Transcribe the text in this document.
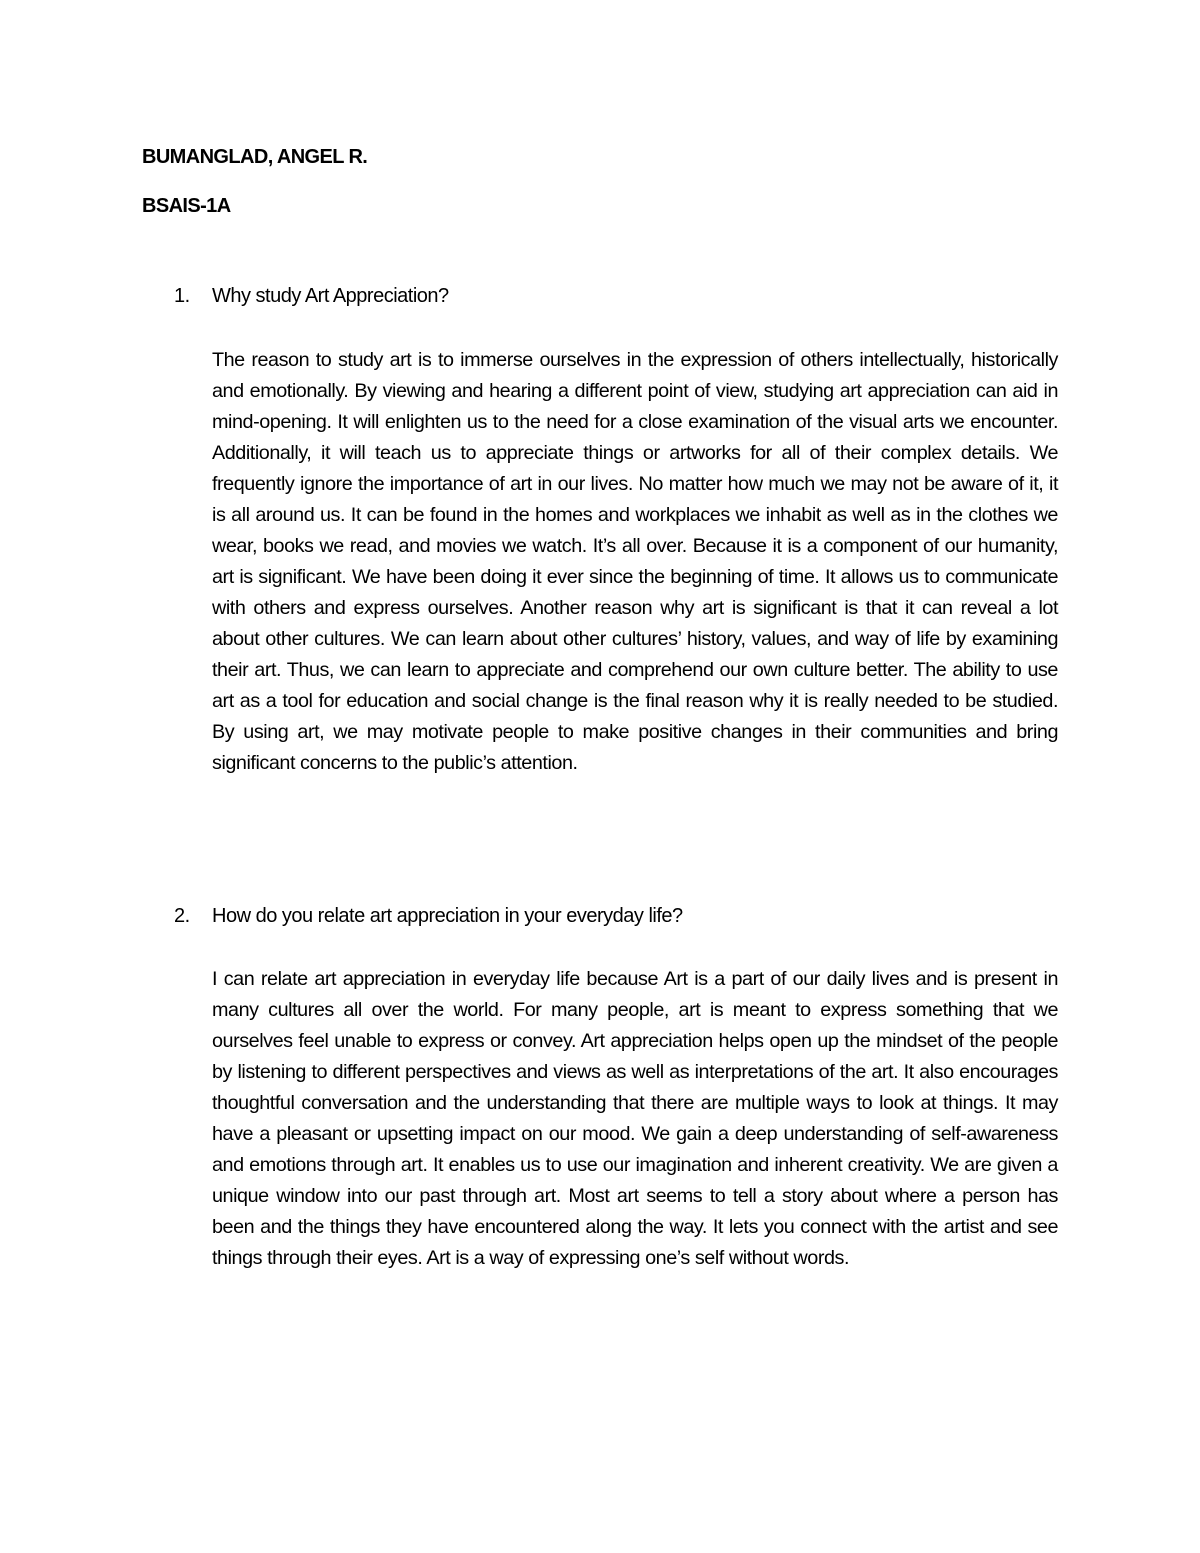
BUMANGLAD, ANGEL R.
BSAIS-1A
1. Why study Art Appreciation?

The reason to study art is to immerse ourselves in the expression of others intellectually, historically and emotionally. By viewing and hearing a different point of view, studying art appreciation can aid in mind-opening. It will enlighten us to the need for a close examination of the visual arts we encounter. Additionally, it will teach us to appreciate things or artworks for all of their complex details. We frequently ignore the importance of art in our lives. No matter how much we may not be aware of it, it is all around us. It can be found in the homes and workplaces we inhabit as well as in the clothes we wear, books we read, and movies we watch. It’s all over. Because it is a component of our humanity, art is significant. We have been doing it ever since the beginning of time. It allows us to communicate with others and express ourselves. Another reason why art is significant is that it can reveal a lot about other cultures. We can learn about other cultures’ history, values, and way of life by examining their art. Thus, we can learn to appreciate and comprehend our own culture better. The ability to use art as a tool for education and social change is the final reason why it is really needed to be studied. By using art, we may motivate people to make positive changes in their communities and bring significant concerns to the public’s attention.

2. How do you relate art appreciation in your everyday life?

I can relate art appreciation in everyday life because Art is a part of our daily lives and is present in many cultures all over the world. For many people, art is meant to express something that we ourselves feel unable to express or convey. Art appreciation helps open up the mindset of the people by listening to different perspectives and views as well as interpretations of the art. It also encourages thoughtful conversation and the understanding that there are multiple ways to look at things. It may have a pleasant or upsetting impact on our mood. We gain a deep understanding of self-awareness and emotions through art. It enables us to use our imagination and inherent creativity. We are given a unique window into our past through art. Most art seems to tell a story about where a person has been and the things they have encountered along the way. It lets you connect with the artist and see things through their eyes. Art is a way of expressing one’s self without words.
